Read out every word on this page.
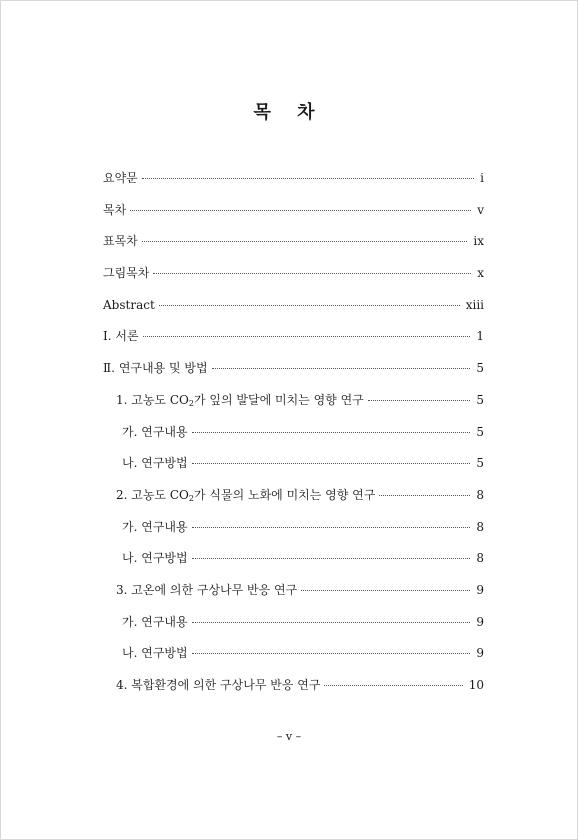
목 차
요약문	i
목차	v
표목차	ix
그림목차	x
Abstract	xiii
Ⅰ. 서론	1
Ⅱ. 연구내용 및 방법	5
1. 고농도 $CO_2$가 잎의 발달에 미치는 영향 연구	5
가. 연구내용	5
나. 연구방법	5
2. 고농도 $CO_2$가 식물의 노화에 미치는 영향 연구	8
가. 연구내용	8
나. 연구방법	8
3. 고온에 의한 구상나무 반응 연구	9
가. 연구내용	9
나. 연구방법	9
4. 복합환경에 의한 구상나무 반응 연구	10
– v –
